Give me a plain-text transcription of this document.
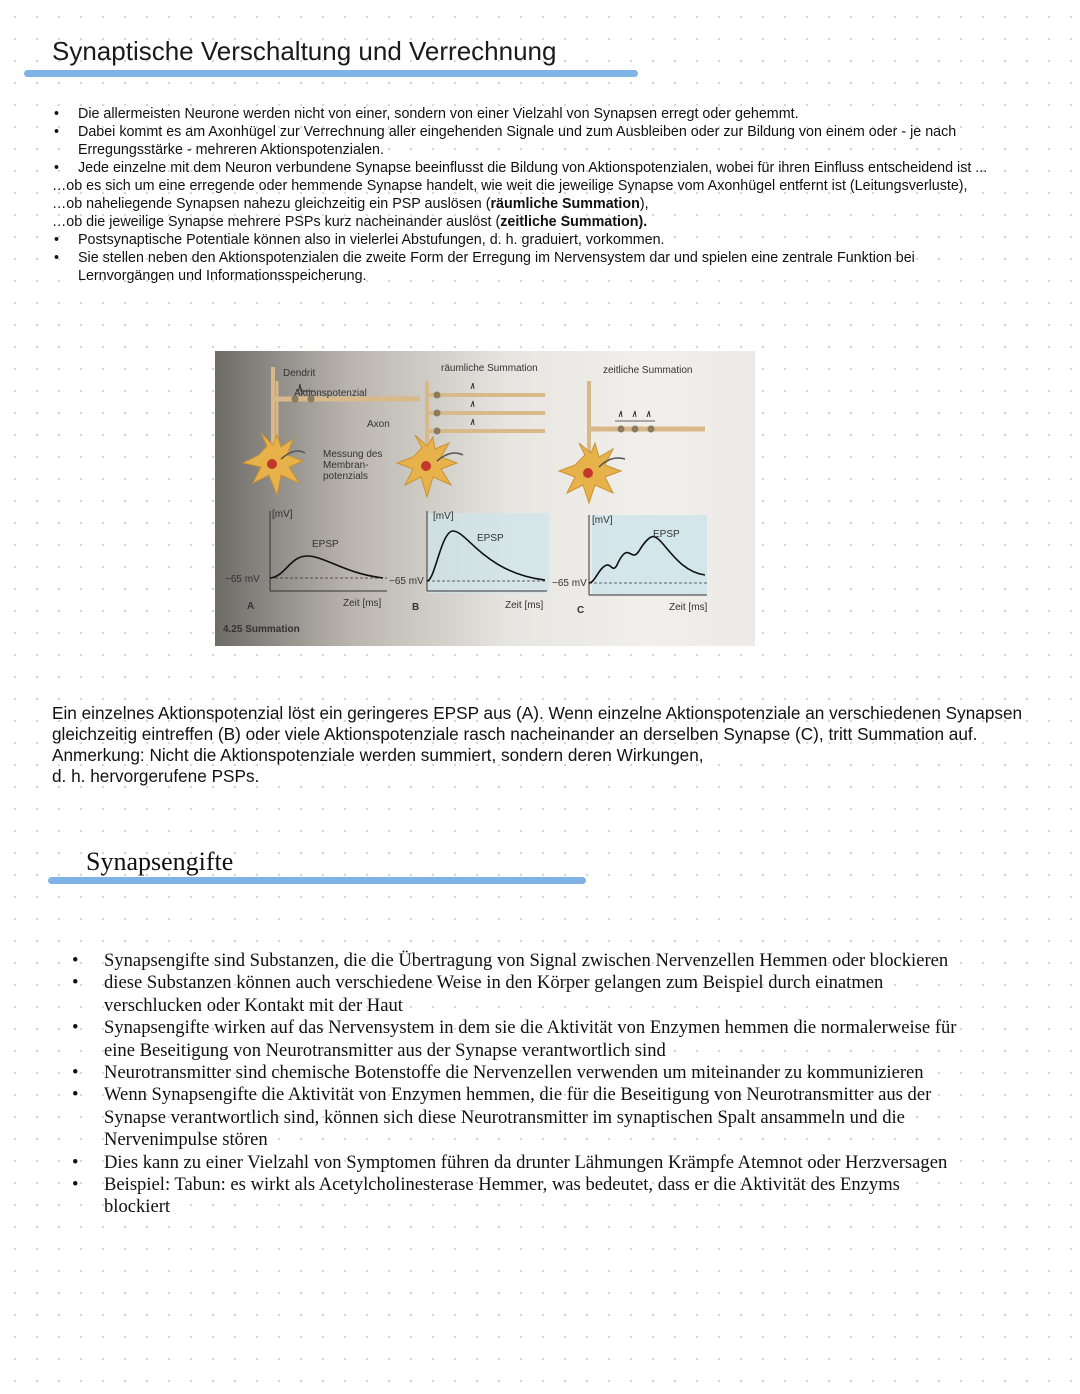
Synaptische Verschaltung und Verrechnung
• Die allermeisten Neurone werden nicht von einer, sondern von einer Vielzahl von Synapsen erregt oder gehemmt.
• Dabei kommt es am Axonhügel zur Verrechnung aller eingehenden Signale und zum Ausbleiben oder zur Bildung von einem oder - je nach Erregungsstärke - mehreren Aktionspotenzialen.
• Jede einzelne mit dem Neuron verbundene Synapse beeinflusst die Bildung von Aktionspotenzialen, wobei für ihren Einfluss entscheidend ist ...

…ob es sich um eine erregende oder hemmende Synapse handelt, wie weit die jeweilige Synapse vom Axonhügel entfernt ist (Leitungsverluste),

…ob naheliegende Synapsen nahezu gleichzeitig ein PSP auslösen (räumliche Summation),

…ob die jeweilige Synapse mehrere PSPs kurz nacheinander auslöst (zeitliche Summation).

• Postsynaptische Potentiale können also in vielerlei Abstufungen, d. h. graduiert, vorkommen.
• Sie stellen neben den Aktionspotenzialen die zweite Form der Erregung im Nervensystem dar und spielen eine zentrale Funktion bei Lernvorgängen und Informationsspeicherung.
Dendrit
Aktionspotenzial
Axon
Messung des
Membran-
potenzials
[mV]
EPSP
−65 mV
Zeit [ms]
A
räumliche Summation
[mV]
EPSP
−65 mV
Zeit [ms]
B
zeitliche Summation
[mV]
EPSP
−65 mV
Zeit [ms]
C
4.25 Summation

Ein einzelnes Aktionspotenzial löst ein geringeres EPSP aus (A). Wenn einzelne Aktionspotenziale an verschiedenen Synapsen gleichzeitig eintreffen (B) oder viele Aktionspotenziale rasch nacheinander an derselben Synapse (C), tritt Summation auf.

Anmerkung: Nicht die Aktionspotenziale werden summiert, sondern deren Wirkungen,

d. h. hervorgerufene PSPs.

Synapsengifte
• Synapsengifte sind Substanzen, die die Übertragung von Signal zwischen Nervenzellen Hemmen oder blockieren
• diese Substanzen können auch verschiedene Weise in den Körper gelangen zum Beispiel durch einatmen verschlucken oder Kontakt mit der Haut
• Synapsengifte wirken auf das Nervensystem in dem sie die Aktivität von Enzymen hemmen die normalerweise für eine Beseitigung von Neurotransmitter aus der Synapse verantwortlich sind
• Neurotransmitter sind chemische Botenstoffe die Nervenzellen verwenden um miteinander zu kommunizieren
• Wenn Synapsengifte die Aktivität von Enzymen hemmen, die für die Beseitigung von Neurotransmitter aus der Synapse verantwortlich sind, können sich diese Neurotransmitter im synaptischen Spalt ansammeln und die Nervenimpulse stören
• Dies kann zu einer Vielzahl von Symptomen führen da drunter Lähmungen Krämpfe Atemnot oder Herzversagen
• Beispiel: Tabun: es wirkt als Acetylcholinesterase Hemmer, was bedeutet, dass er die Aktivität des Enzyms blockiert
